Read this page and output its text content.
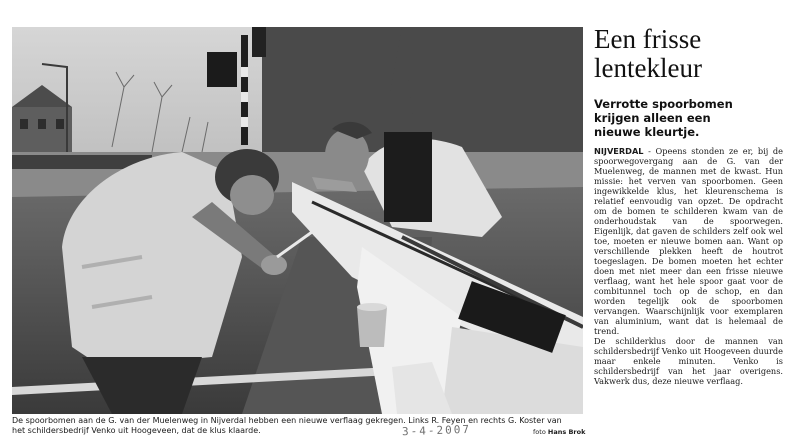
De spoorbomen aan de G. van der Muelenweg in Nijverdal hebben een nieuwe verflaag gekregen. Links R. Feyen en rechts G. Koster van het schildersbedrijf Venko uit Hoogeveen, dat de klus klaarde.	3-4-2007	foto Hans Brok
Een frisse
lentekleur
Verrotte spoorbomen
krijgen alleen een
nieuwe kleurtje.

NIJVERDAL - Opeens stonden ze er, bij de spoorwegovergang aan de G. van der Muelenweg, de mannen met de kwast. Hun missie: het verven van spoorbomen. Geen ingewikkelde klus, het kleurenschema is relatief eenvoudig van opzet. De opdracht om de bomen te schilderen kwam van de onderhoudstak van de spoorwegen. Eigenlijk, dat gaven de schilders zelf ook wel toe, moeten er nieuwe bomen aan. Want op verschillende plekken heeft de houtrot toegeslagen. De bomen moeten het echter doen met niet meer dan een frisse nieuwe verflaag, want het hele spoor gaat voor de combitunnel toch op de schop, en dan worden tegelijk ook de spoorbomen vervangen. Waarschijnlijk voor exemplaren van aluminium, want dat is helemaal de trend.

De schilderklus door de mannen van schildersbedrijf Venko uit Hoogeveen duurde maar enkele minuten. Venko is schildersbedrijf van het jaar overigens. Vakwerk dus, deze nieuwe verflaag.
